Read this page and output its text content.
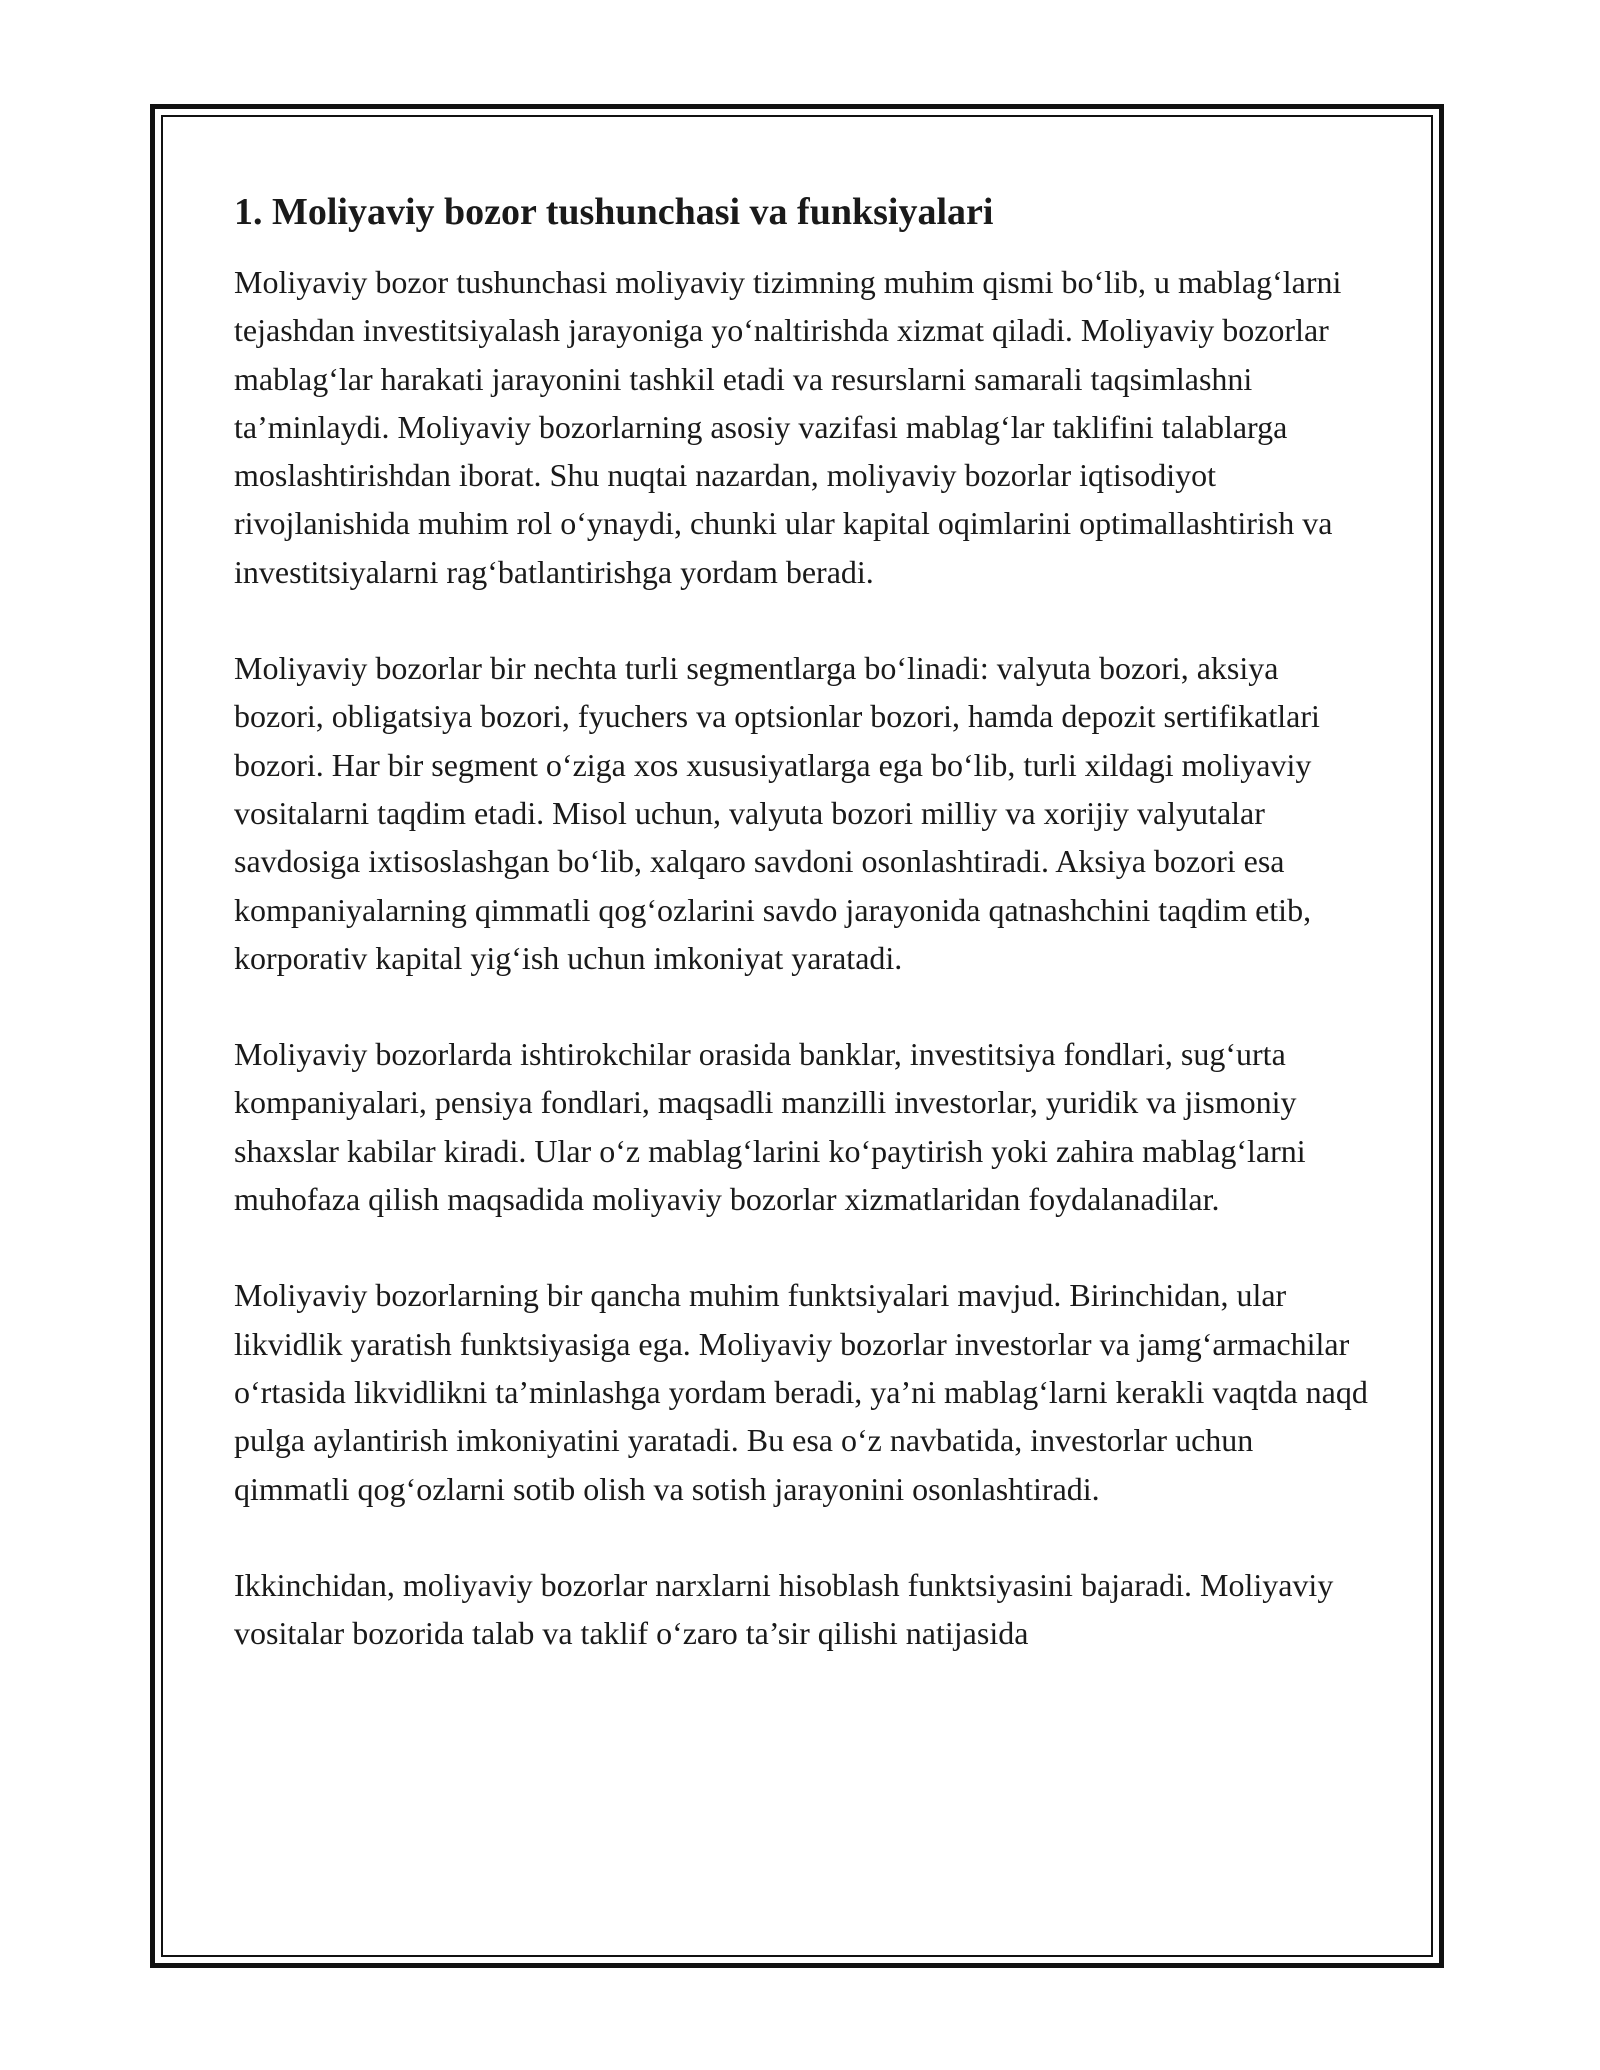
1. Moliyaviy bozor tushunchasi va funksiyalari

Moliyaviy bozor tushunchasi moliyaviy tizimning muhim qismi bo‘lib, u mablag‘larni tejashdan investitsiyalash jarayoniga yo‘naltirishda xizmat qiladi. Moliyaviy bozorlar mablag‘lar harakati jarayonini tashkil etadi va resurslarni samarali taqsimlashni ta’minlaydi. Moliyaviy bozorlarning asosiy vazifasi mablag‘lar taklifini talablarga moslashtirishdan iborat. Shu nuqtai nazardan, moliyaviy bozorlar iqtisodiyot rivojlanishida muhim rol o‘ynaydi, chunki ular kapital oqimlarini optimallashtirish va investitsiyalarni rag‘batlantirishga yordam beradi.

Moliyaviy bozorlar bir nechta turli segmentlarga bo‘linadi: valyuta bozori, aksiya bozori, obligatsiya bozori, fyuchers va optsionlar bozori, hamda depozit sertifikatlari bozori. Har bir segment o‘ziga xos xususiyatlarga ega bo‘lib, turli xildagi moliyaviy vositalarni taqdim etadi. Misol uchun, valyuta bozori milliy va xorijiy valyutalar savdosiga ixtisoslashgan bo‘lib, xalqaro savdoni osonlashtiradi. Aksiya bozori esa kompaniyalarning qimmatli qog‘ozlarini savdo jarayonida qatnashchini taqdim etib, korporativ kapital yig‘ish uchun imkoniyat yaratadi.

Moliyaviy bozorlarda ishtirokchilar orasida banklar, investitsiya fondlari, sug‘urta kompaniyalari, pensiya fondlari, maqsadli manzilli investorlar, yuridik va jismoniy shaxslar kabilar kiradi. Ular o‘z mablag‘larini ko‘paytirish yoki zahira mablag‘larni muhofaza qilish maqsadida moliyaviy bozorlar xizmatlaridan foydalanadilar.

Moliyaviy bozorlarning bir qancha muhim funktsiyalari mavjud. Birinchidan, ular likvidlik yaratish funktsiyasiga ega. Moliyaviy bozorlar investorlar va jamg‘armachilar o‘rtasida likvidlikni ta’minlashga yordam beradi, ya’ni mablag‘larni kerakli vaqtda naqd pulga aylantirish imkoniyatini yaratadi. Bu esa o‘z navbatida, investorlar uchun qimmatli qog‘ozlarni sotib olish va sotish jarayonini osonlashtiradi.

Ikkinchidan, moliyaviy bozorlar narxlarni hisoblash funktsiyasini bajaradi. Moliyaviy vositalar bozorida talab va taklif o‘zaro ta’sir qilishi natijasida
